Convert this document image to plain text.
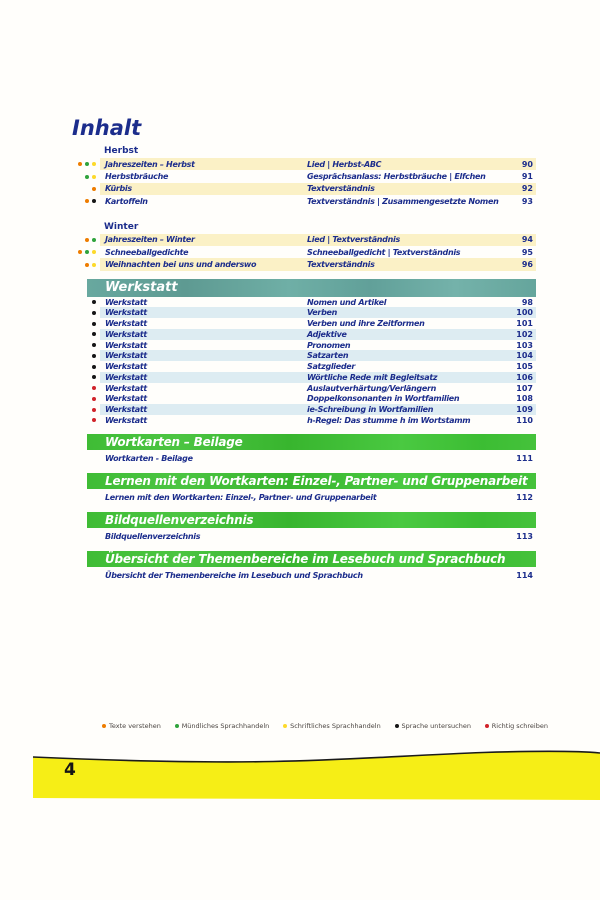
Inhalt
Herbst
Jahreszeiten – Herbst	Lied | Herbst-ABC	90
Herbstbräuche	Gesprächsanlass: Herbstbräuche | Elfchen	91
Kürbis	Textverständnis	92
Kartoffeln	Textverständnis | Zusammengesetzte Nomen	93
Winter
Jahreszeiten – Winter	Lied | Textverständnis	94
Schneeballgedichte	Schneeballgedicht | Textverständnis	95
Weihnachten bei uns und anderswo	Textverständnis	96
Werkstatt
Werkstatt	Nomen und Artikel	98
Werkstatt	Verben	100
Werkstatt	Verben und ihre Zeitformen	101
Werkstatt	Adjektive	102
Werkstatt	Pronomen	103
Werkstatt	Satzarten	104
Werkstatt	Satzglieder	105
Werkstatt	Wörtliche Rede mit Begleitsatz	106
Werkstatt	Auslautverhärtung/Verlängern	107
Werkstatt	Doppelkonsonanten in Wortfamilien	108
Werkstatt	ie-Schreibung in Wortfamilien	109
Werkstatt	h-Regel: Das stumme h im Wortstamm	110
Wortkarten – Beilage
Wortkarten - Beilage	111
Lernen mit den Wortkarten: Einzel-, Partner- und Gruppenarbeit
Lernen mit den Wortkarten: Einzel-, Partner- und Gruppenarbeit	112
Bildquellenverzeichnis
Bildquellenverzeichnis	113
Übersicht der Themenbereiche im Lesebuch und Sprachbuch
Übersicht der Themenbereiche im Lesebuch und Sprachbuch	114
Texte verstehen	Mündliches Sprachhandeln	Schriftliches Sprachhandeln	Sprache untersuchen	Richtig schreiben
4
